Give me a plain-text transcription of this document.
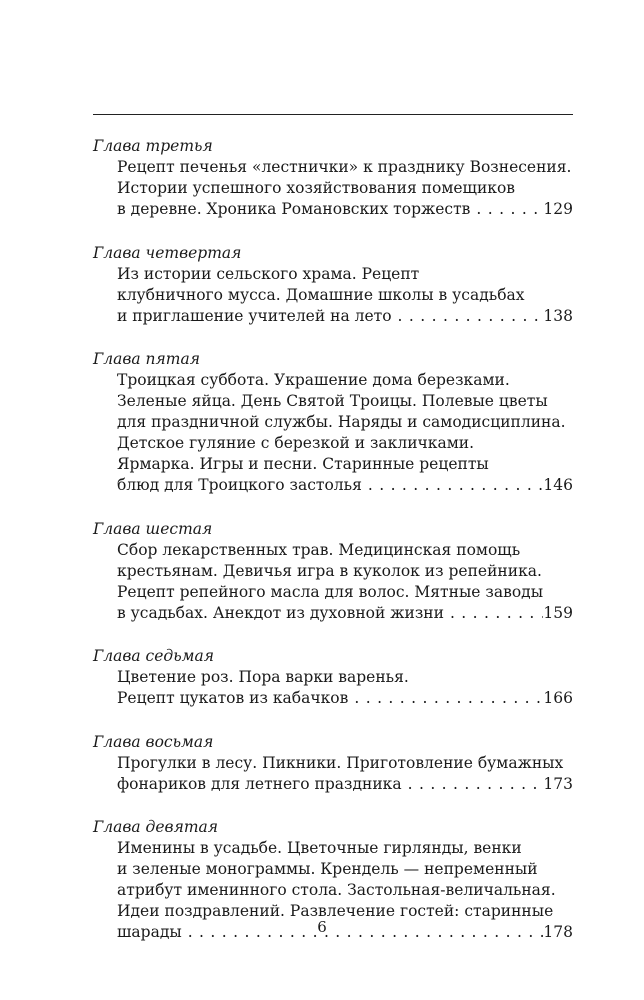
Глава третья
Рецепт печенья «лестнички» к празднику Вознесения.
Истории успешного хозяйствования помещиков
в деревне. Хроника Романовских торжеств . . .	129
Глава четвертая
Из истории сельского храма. Рецепт
клубничного мусса. Домашние школы в усадьбах
и приглашение учителей на лето . . .	138
Глава пятая
Троицкая суббота. Украшение дома березками.
Зеленые яйца. День Святой Троицы. Полевые цветы
для праздничной службы. Наряды и самодисциплина.
Детское гуляние с березкой и закличками.
Ярмарка. Игры и песни. Старинные рецепты
блюд для Троицкого застолья . . .	146
Глава шестая
Сбор лекарственных трав. Медицинская помощь
крестьянам. Девичья игра в куколок из репейника.
Рецепт репейного масла для волос. Мятные заводы
в усадьбах. Анекдот из духовной жизни . . .	159
Глава седьмая
Цветение роз. Пора варки варенья.
Рецепт цукатов из кабачков . . .	166
Глава восьмая
Прогулки в лесу. Пикники. Приготовление бумажных
фонариков для летнего праздника . . .	173
Глава девятая
Именины в усадьбе. Цветочные гирлянды, венки
и зеленые монограммы. Крендель — непременный
атрибут именинного стола. Застольная-величальная.
Идеи поздравлений. Развлечение гостей: старинные
шарады . . .	178
6
